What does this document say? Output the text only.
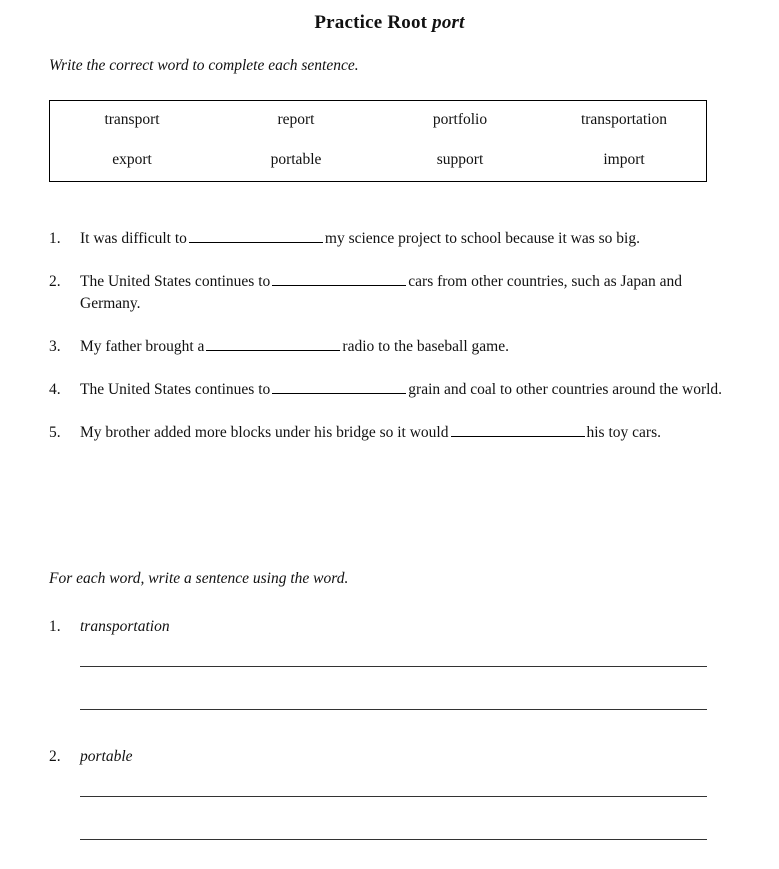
Practice Root port
Write the correct word to complete each sentence.
transport	report	portfolio	transportation
export	portable	support	import
1.	It was difficult to	my science project to school because it was so big.
2.	The United States continues to	cars from other countries, such as Japan and Germany.
3.	My father brought a	radio to the baseball game.
4.	The United States continues to	grain and coal to other countries around the world.
5.	My brother added more blocks under his bridge so it would	his toy cars.
For each word, write a sentence using the word.
1.	transportation
2.	portable
